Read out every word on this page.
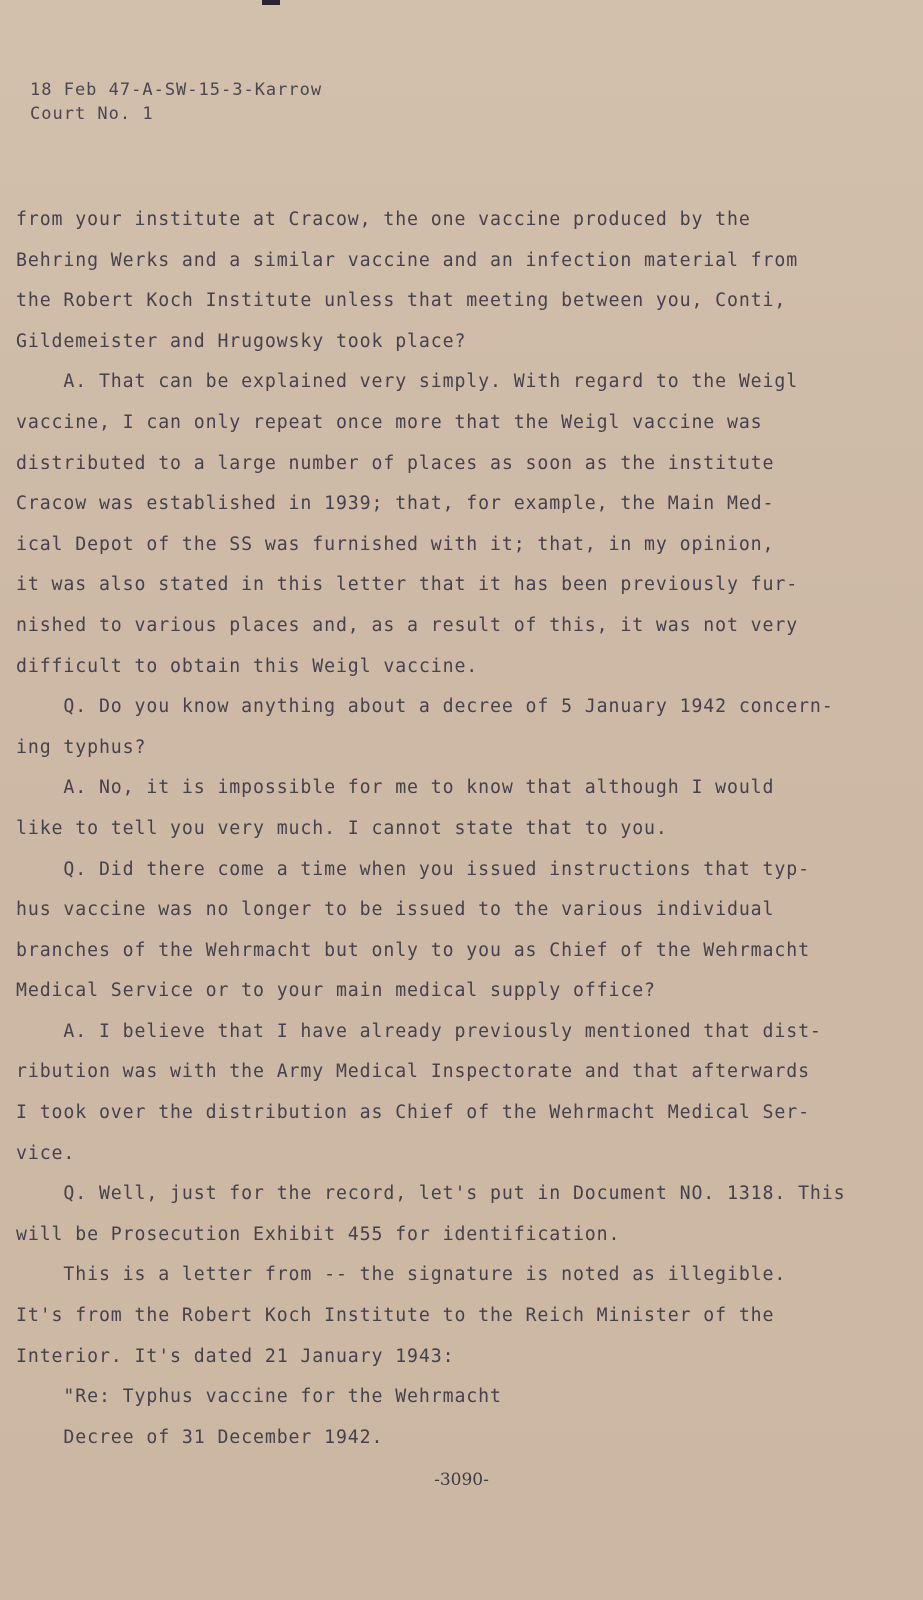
18 Feb 47-A-SW-15-3-Karrow
Court No. 1
from your institute at Cracow, the one vaccine produced by the
Behring Werks and a similar vaccine and an infection material from
the Robert Koch Institute unless that meeting between you, Conti,
Gildemeister and Hrugowsky took place?
A. That can be explained very simply. With regard to the Weigl
vaccine, I can only repeat once more that the Weigl vaccine was
distributed to a large number of places as soon as the institute
Cracow was established in 1939; that, for example, the Main Med-
ical Depot of the SS was furnished with it; that, in my opinion,
it was also stated in this letter that it has been previously fur-
nished to various places and, as a result of this, it was not very
difficult to obtain this Weigl vaccine.
Q. Do you know anything about a decree of 5 January 1942 concern-
ing typhus?
A. No, it is impossible for me to know that although I would
like to tell you very much. I cannot state that to you.
Q. Did there come a time when you issued instructions that typ-
hus vaccine was no longer to be issued to the various individual
branches of the Wehrmacht but only to you as Chief of the Wehrmacht
Medical Service or to your main medical supply office?
A. I believe that I have already previously mentioned that dist-
ribution was with the Army Medical Inspectorate and that afterwards
I took over the distribution as Chief of the Wehrmacht Medical Ser-
vice.
Q. Well, just for the record, let's put in Document NO. 1318. This
will be Prosecution Exhibit 455 for identification.
This is a letter from -- the signature is noted as illegible.
It's from the Robert Koch Institute to the Reich Minister of the
Interior. It's dated 21 January 1943:
"Re: Typhus vaccine for the Wehrmacht
Decree of 31 December 1942.
-3090-
